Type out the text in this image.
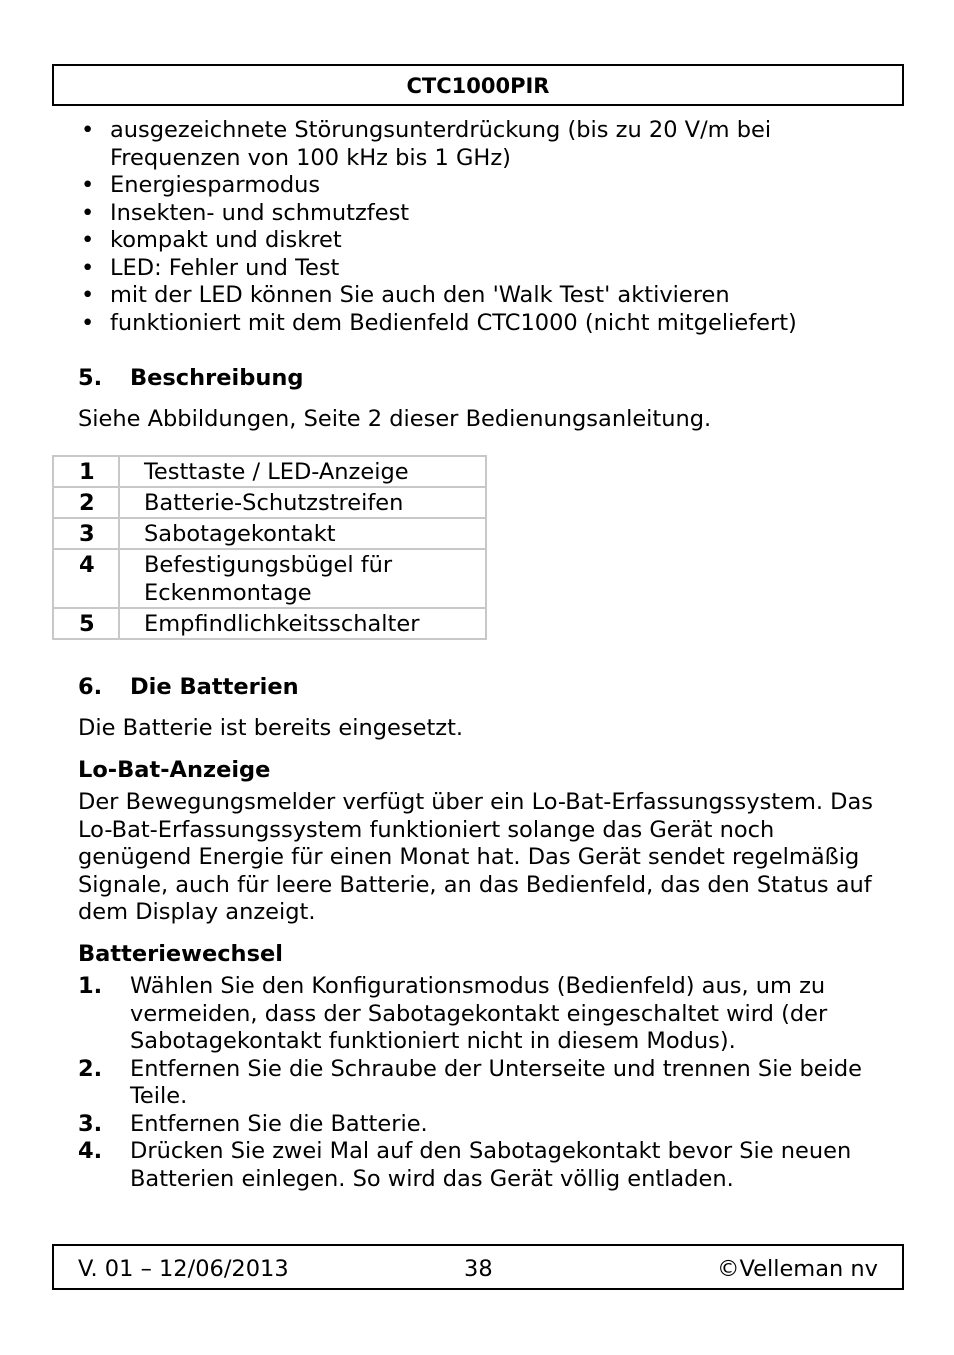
CTC1000PIR
• ausgezeichnete Störungsunterdrückung (bis zu 20 V/m bei Frequenzen von 100 kHz bis 1 GHz)
• Energiesparmodus
• Insekten- und schmutzfest
• kompakt und diskret
• LED: Fehler und Test
• mit der LED können Sie auch den 'Walk Test' aktivieren
• funktioniert mit dem Bedienfeld CTC1000 (nicht mitgeliefert)
5. Beschreibung
Siehe Abbildungen, Seite 2 dieser Bedienungsanleitung.
1	Testtaste / LED-Anzeige
2	Batterie-Schutzstreifen
3	Sabotagekontakt
4	Befestigungsbügel für Eckenmontage
5	Empfindlichkeitsschalter
6. Die Batterien
Die Batterie ist bereits eingesetzt.
Lo-Bat-Anzeige
Der Bewegungsmelder verfügt über ein Lo-Bat-Erfassungssystem. Das Lo-Bat-Erfassungssystem funktioniert solange das Gerät noch genügend Energie für einen Monat hat. Das Gerät sendet regelmäßig Signale, auch für leere Batterie, an das Bedienfeld, das den Status auf dem Display anzeigt.
Batteriewechsel
1. Wählen Sie den Konfigurationsmodus (Bedienfeld) aus, um zu vermeiden, dass der Sabotagekontakt eingeschaltet wird (der Sabotagekontakt funktioniert nicht in diesem Modus).
2. Entfernen Sie die Schraube der Unterseite und trennen Sie beide Teile.
3. Entfernen Sie die Batterie.
4. Drücken Sie zwei Mal auf den Sabotagekontakt bevor Sie neuen Batterien einlegen. So wird das Gerät völlig entladen.
V. 01 – 12/06/2013	38	©Velleman nv
